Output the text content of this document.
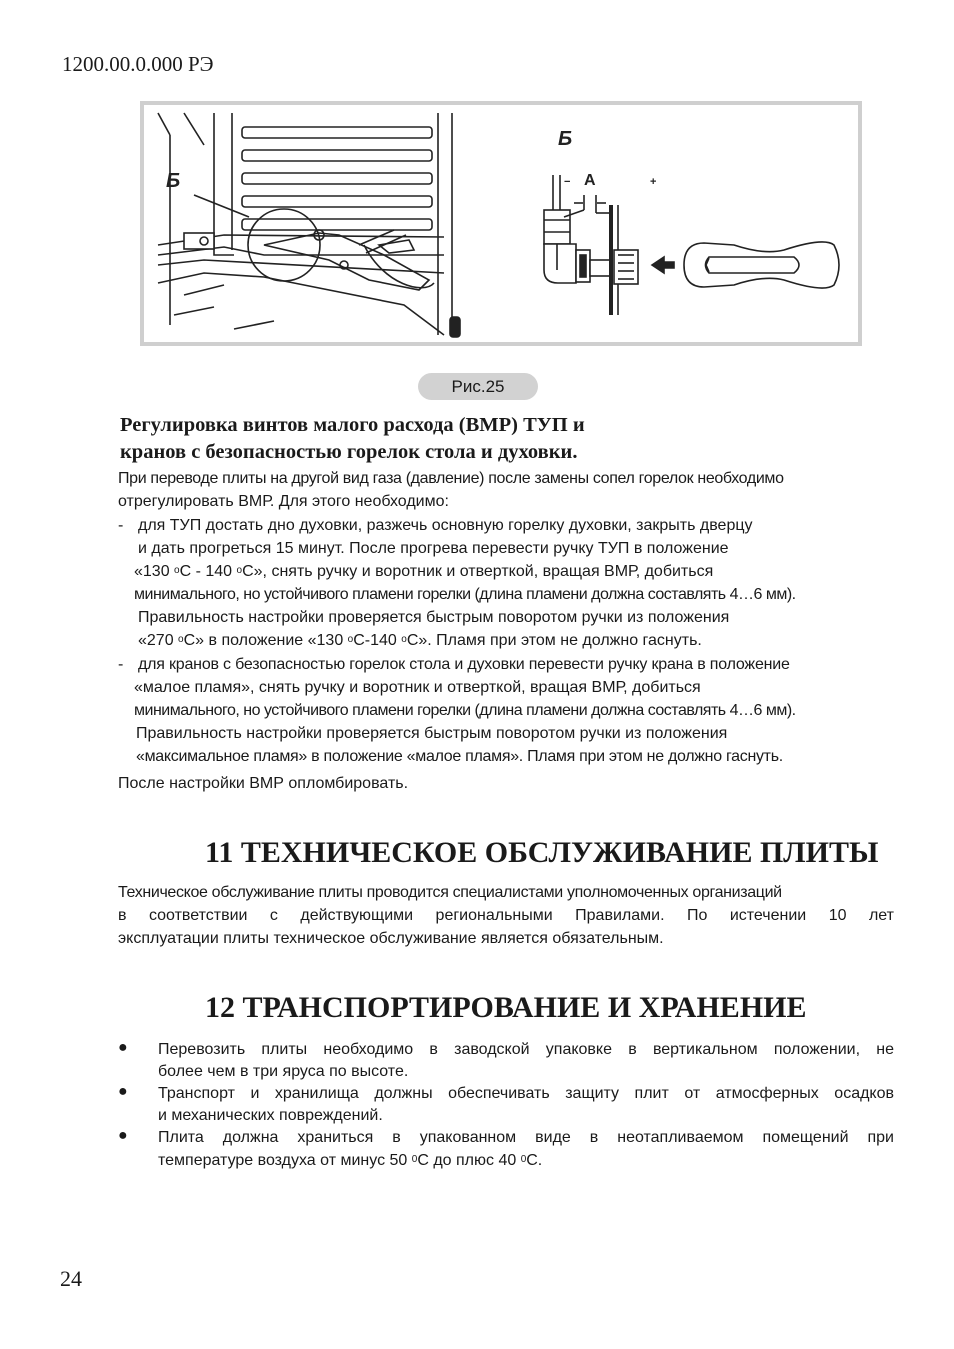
1200.00.0.000 РЭ
Б
Б
А
−	+
Рис.25
Регулировка винтов малого расхода (ВМР) ТУП и
кранов с безопасностью горелок стола и духовки.
При переводе плиты на другой вид газа (давление) после замены сопел горелок необходимо
отрегулировать ВМР. Для этого необходимо:
- для ТУП достать дно духовки, разжечь основную горелку духовки, закрыть дверцу
и дать прогреться 15 минут. После прогрева перевести ручку ТУП в положение
«130 $^o$С - 140 $^o$С», снять ручку и воротник и отверткой, вращая ВМР, добиться
минимального, но устойчивого пламени горелки (длина пламени должна составлять 4…6 мм).
Правильность настройки проверяется быстрым поворотом ручки из положения
«270 $^o$С» в положение «130 $^o$С-140 $^o$С». Пламя при этом не должно гаснуть.
- для кранов с безопасностью горелок стола и духовки перевести ручку крана в положение
«малое пламя», снять ручку и воротник и отверткой, вращая ВМР, добиться
минимального, но устойчивого пламени горелки (длина пламени должна составлять 4…6 мм).
Правильность настройки проверяется быстрым поворотом ручки из положения
«максимальное пламя» в положение «малое пламя». Пламя при этом не должно гаснуть.
После настройки ВМР опломбировать.
11 ТЕХНИЧЕСКОЕ ОБСЛУЖИВАНИЕ ПЛИТЫ
Техническое обслуживание плиты проводится специалистами уполномоченных организаций
в соответствии с действующими региональными Правилами. По истечении 10 лет
эксплуатации плиты техническое обслуживание является обязательным.
12 ТРАНСПОРТИРОВАНИЕ И ХРАНЕНИЕ
● Перевозить плиты необходимо в заводской упаковке в вертикальном положении, не
более чем в три яруса по высоте.
● Транспорт и хранилища должны обеспечивать защиту плит от атмосферных осадков
и механических повреждений.
● Плита должна храниться в упакованном виде в неотапливаемом помещений при
температуре воздуха от минус 50 $^0$С до плюс 40 $^0$С.
24
